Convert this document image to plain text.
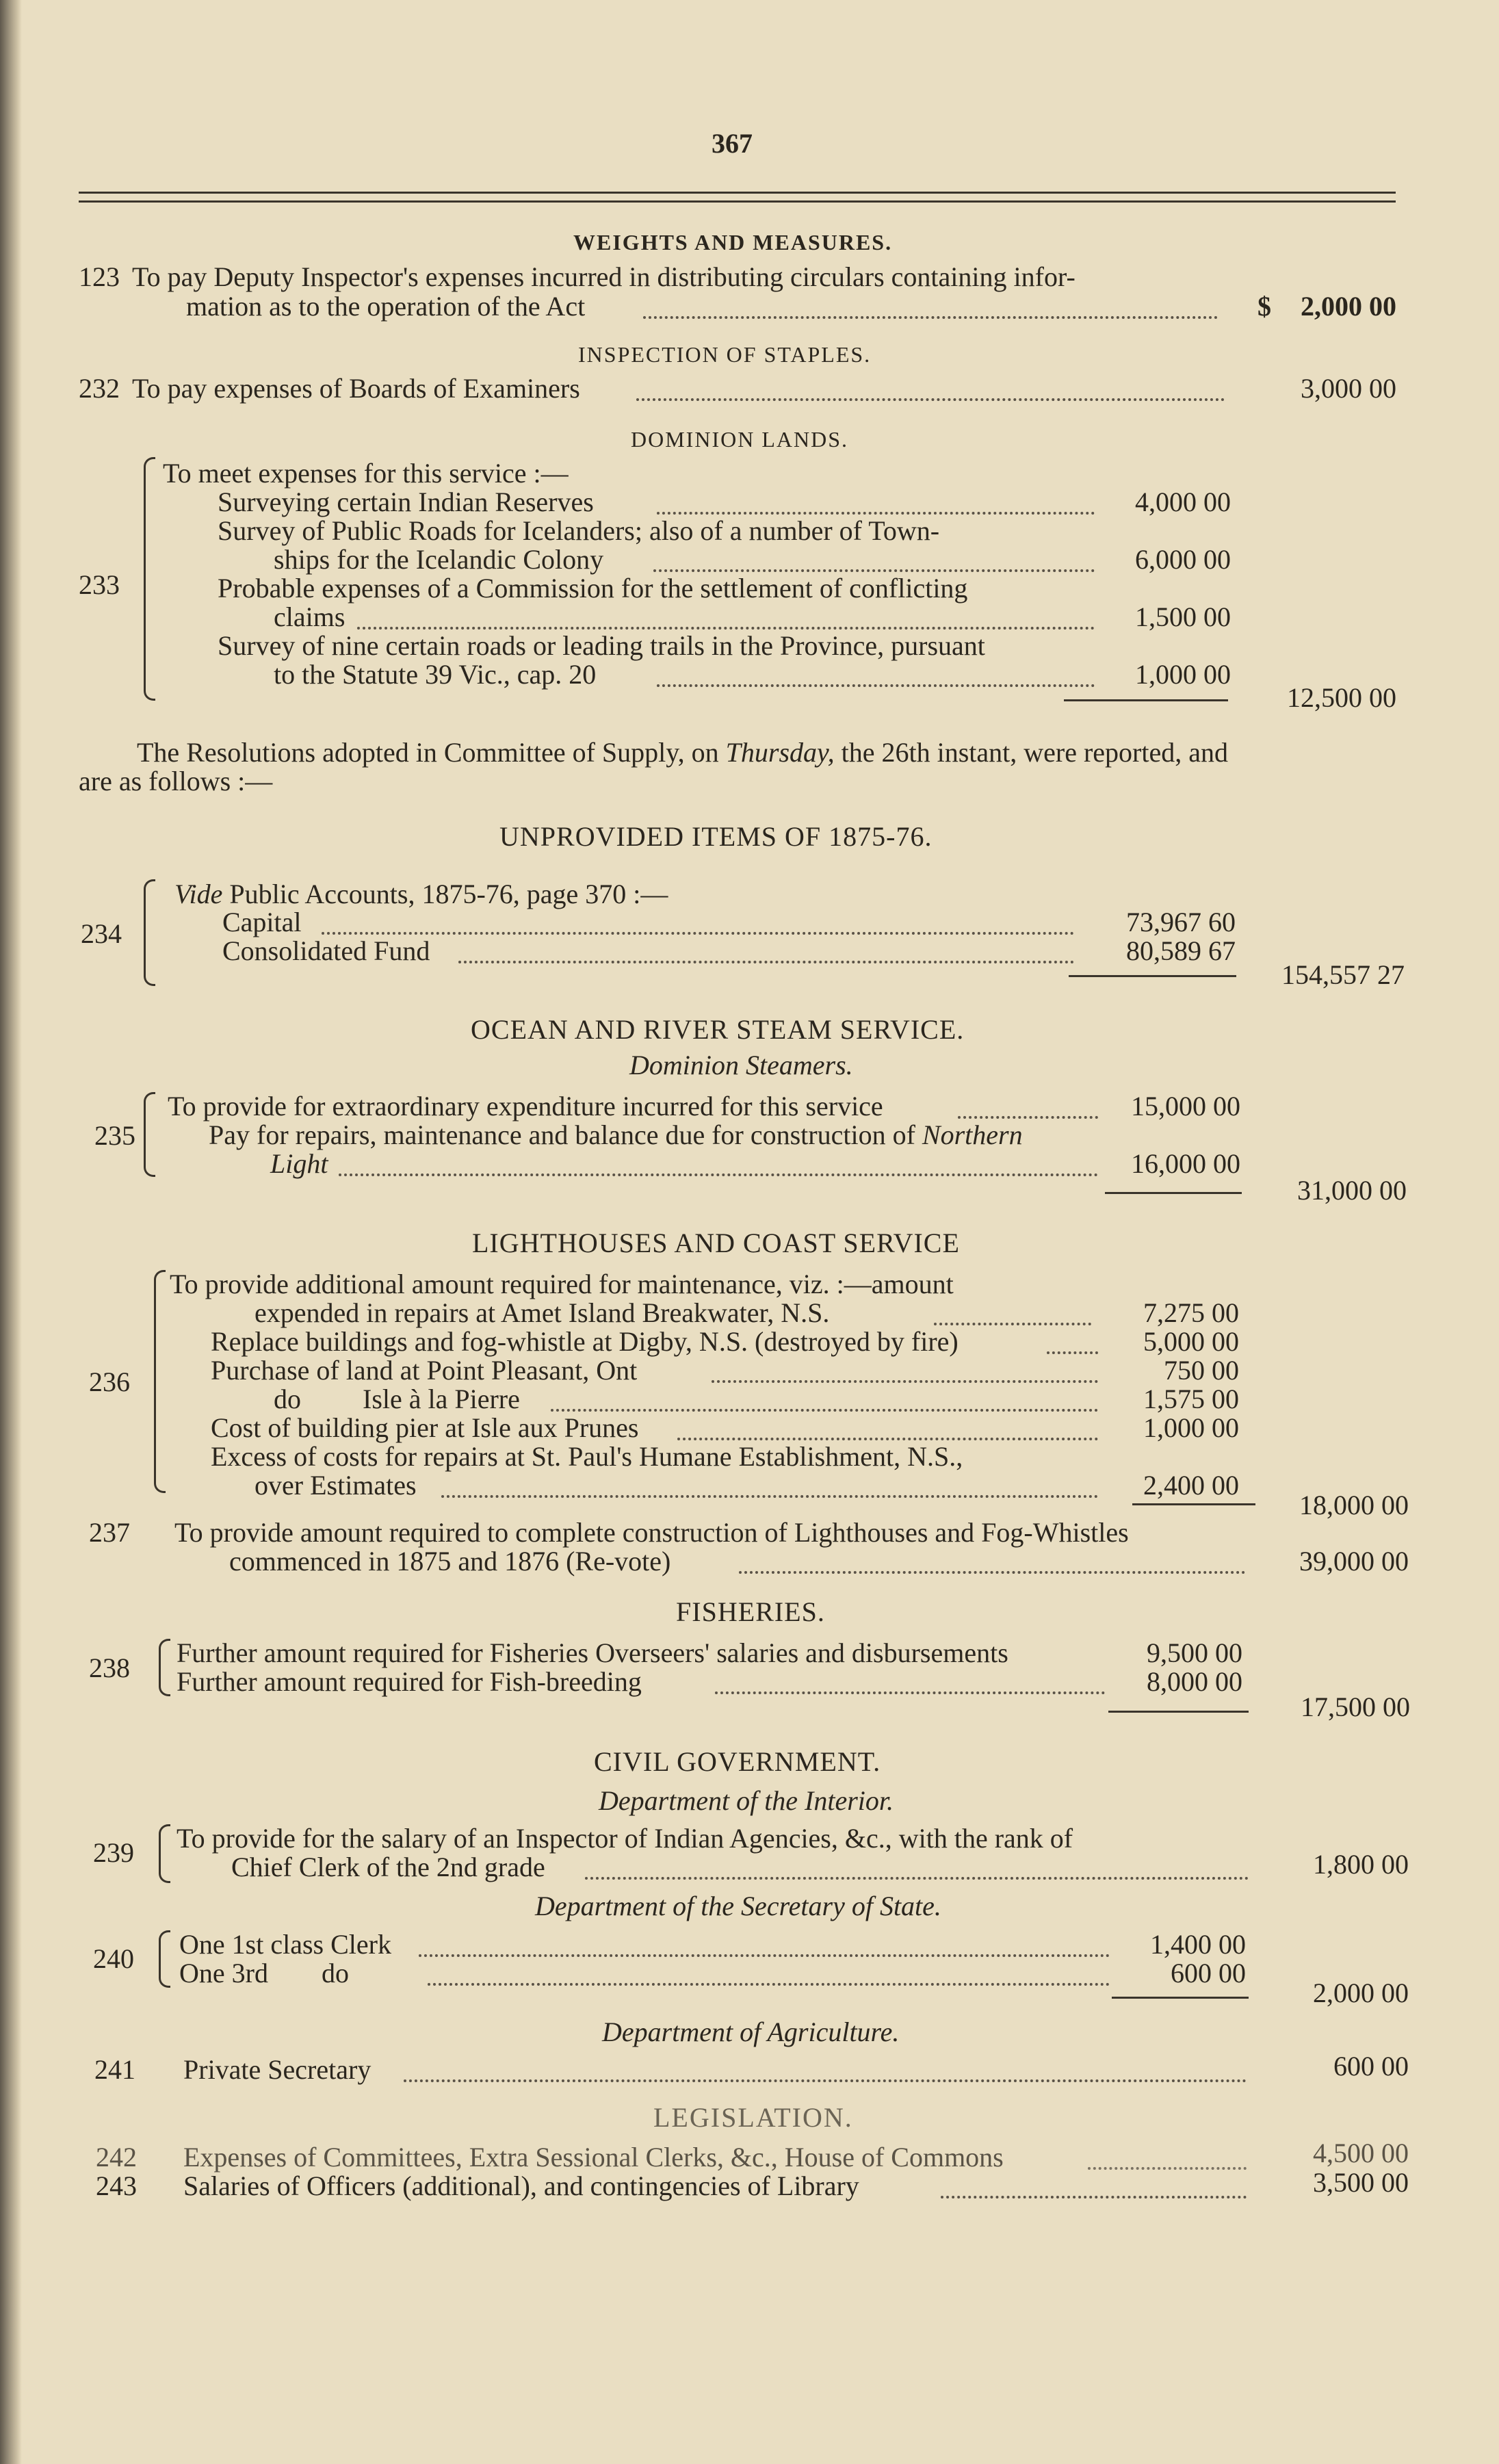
367
WEIGHTS AND MEASURES.
123 To pay Deputy Inspector's expenses incurred in distributing circulars containing infor-
mation as to the operation of the Act	$ 2,000 00
INSPECTION OF STAPLES.
232 To pay expenses of Boards of Examiners	3,000 00
DOMINION LANDS.
233
To meet expenses for this service :—
Surveying certain Indian Reserves	4,000 00
Survey of Public Roads for Icelanders; also of a number of Town-
ships for the Icelandic Colony	6,000 00
Probable expenses of a Commission for the settlement of conflicting
claims	1,500 00
Survey of nine certain roads or leading trails in the Province, pursuant
to the Statute 39 Vic., cap. 20	1,000 00
12,500 00
The Resolutions adopted in Committee of Supply, on Thursday, the 26th instant, were reported, and
are as follows :—
UNPROVIDED ITEMS OF 1875-76.
234
Vide Public Accounts, 1875-76, page 370 :—
Capital	73,967 60
Consolidated Fund	80,589 67
154,557 27
OCEAN AND RIVER STEAM SERVICE.
Dominion Steamers.
235
To provide for extraordinary expenditure incurred for this service	15,000 00
Pay for repairs, maintenance and balance due for construction of Northern
Light	16,000 00
31,000 00
LIGHTHOUSES AND COAST SERVICE
236
To provide additional amount required for maintenance, viz. :—amount
expended in repairs at Amet Island Breakwater, N.S.	7,275 00
Replace buildings and fog-whistle at Digby, N.S. (destroyed by fire)	5,000 00
Purchase of land at Point Pleasant, Ont	750 00
do Isle à la Pierre	1,575 00
Cost of building pier at Isle aux Prunes	1,000 00
Excess of costs for repairs at St. Paul's Humane Establishment, N.S.,
over Estimates	2,400 00
18,000 00
237 To provide amount required to complete construction of Lighthouses and Fog-Whistles
commenced in 1875 and 1876 (Re-vote)	39,000 00
FISHERIES.
238 Further amount required for Fisheries Overseers' salaries and disbursements	9,500 00
Further amount required for Fish-breeding	8,000 00
17,500 00
CIVIL GOVERNMENT.
Department of the Interior.
239 To provide for the salary of an Inspector of Indian Agencies, &c., with the rank of
Chief Clerk of the 2nd grade	1,800 00
Department of the Secretary of State.
240 One 1st class Clerk	1,400 00
One 3rd do	600 00
2,000 00
Department of Agriculture.
241 Private Secretary	600 00
LEGISLATION.
242 Expenses of Committees, Extra Sessional Clerks, &c., House of Commons	4,500 00
243 Salaries of Officers (additional), and contingencies of Library	3,500 00
